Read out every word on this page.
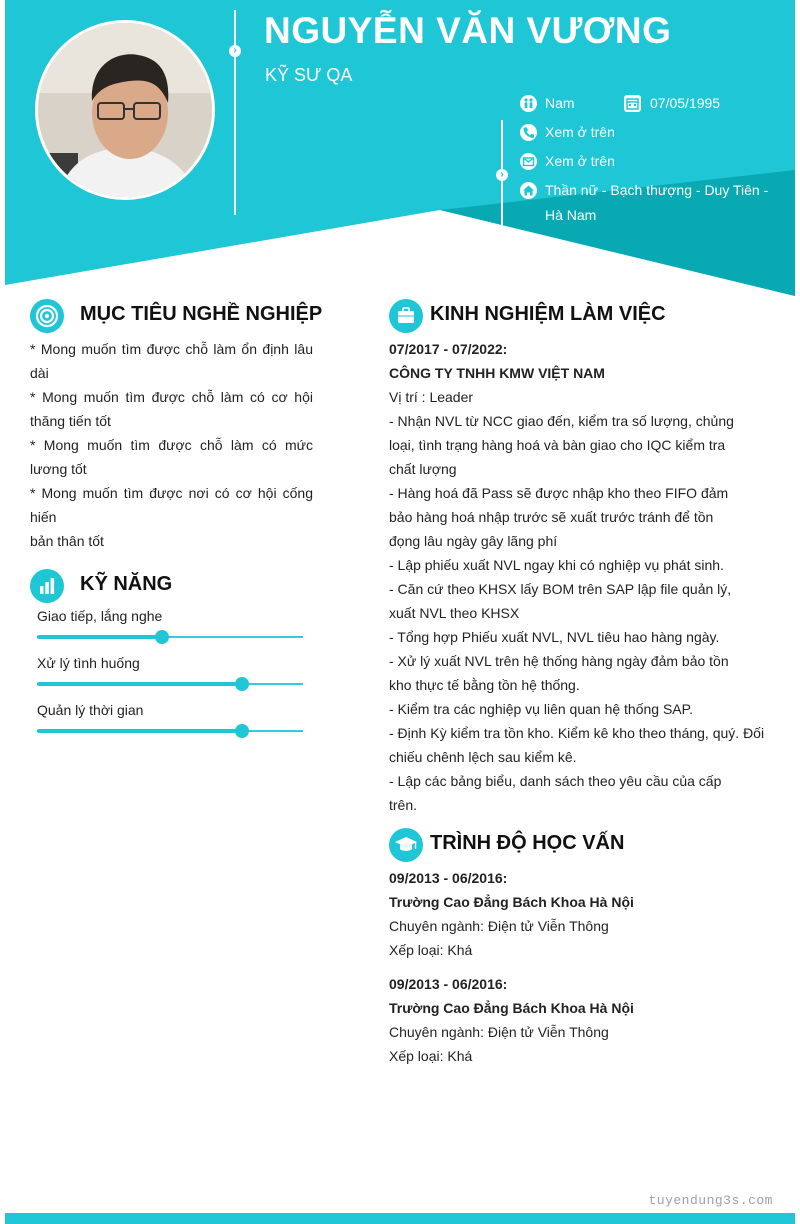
›
›
NGUYỄN VĂN VƯƠNG
KỸ SƯ QA
Nam	07/05/1995
Xem ở trên
Xem ở trên
Thần nữ - Bạch thượng - Duy Tiên -
Hà Nam
MỤC TIÊU NGHỀ NGHIỆP

* Mong muốn tìm được chỗ làm ổn định lâu

dài

* Mong muốn tìm được chỗ làm có cơ hội

thăng tiến tốt

* Mong muốn tìm được chỗ làm có mức

lương tốt

* Mong muốn tìm được nơi có cơ hội cống

hiến

bản thân tốt

KỸ NĂNG
Giao tiếp, lắng nghe
Xử lý tình huống
Quản lý thời gian
KINH NGHIỆM LÀM VIỆC
07/2017 - 07/2022:
CÔNG TY TNHH KMW VIỆT NAM
Vị trí : Leader
- Nhận NVL từ NCC giao đến, kiểm tra số lượng, chủng
loại, tình trạng hàng hoá và bàn giao cho IQC kiểm tra
chất lượng
- Hàng hoá đã Pass sẽ được nhập kho theo FIFO đảm
bảo hàng hoá nhập trước sẽ xuất trước tránh để tồn
đọng lâu ngày gây lãng phí
- Lập phiếu xuất NVL ngay khi có nghiệp vụ phát sinh.
- Căn cứ theo KHSX lấy BOM trên SAP lập file quản lý,
xuất NVL theo KHSX
- Tổng hợp Phiếu xuất NVL, NVL tiêu hao hàng ngày.
- Xử lý xuất NVL trên hệ thống hàng ngày đảm bảo tồn
kho thực tế bằng tồn hệ thống.
- Kiểm tra các nghiệp vụ liên quan hệ thống SAP.
- Định Kỳ kiểm tra tồn kho. Kiểm kê kho theo tháng, quý. Đối
chiếu chênh lệch sau kiểm kê.
- Lập các bảng biểu, danh sách theo yêu cầu của cấp
trên.
TRÌNH ĐỘ HỌC VẤN
09/2013 - 06/2016:
Trường Cao Đẳng Bách Khoa Hà Nội
Chuyên ngành: Điện tử Viễn Thông
Xếp loại: Khá
09/2013 - 06/2016:
Trường Cao Đẳng Bách Khoa Hà Nội
Chuyên ngành: Điện tử Viễn Thông
Xếp loại: Khá
tuyendung3s.com
